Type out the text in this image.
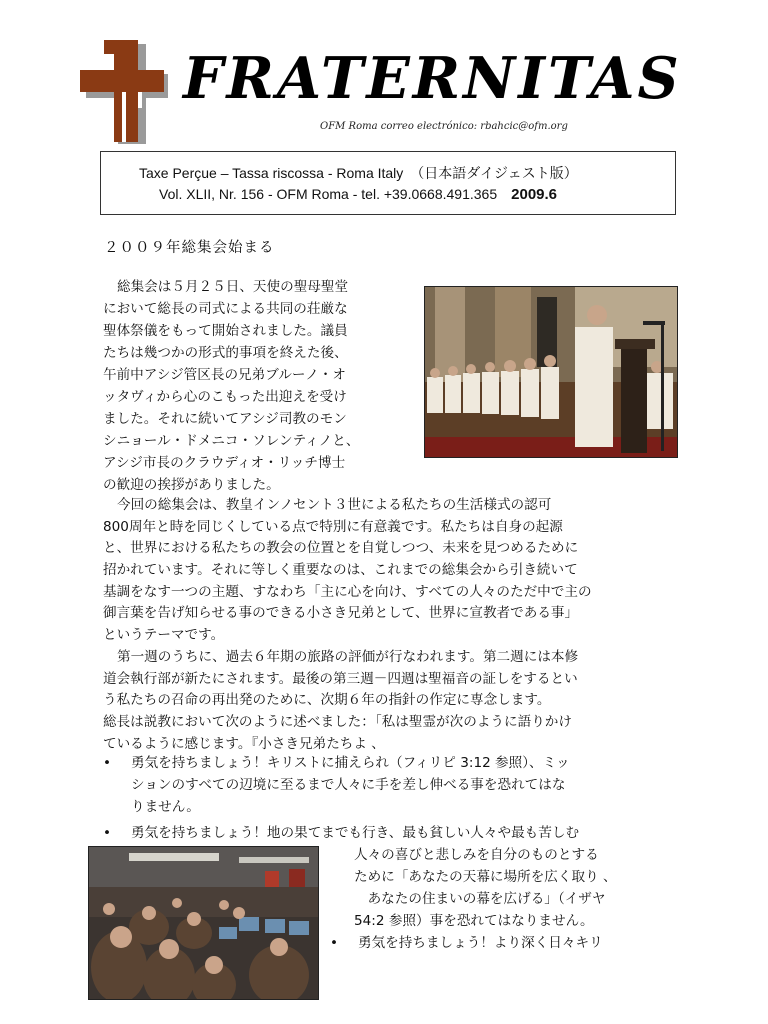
FRATERNITAS
OFM Roma correo electrónico: rbahcic@ofm.org
Taxe Perçue – Tassa riscossa - Roma Italy　（日本語ダイジェスト版）
Vol. XLII, Nr. 156 - OFM Roma - tel. +39.0668.491.365 2009.6
２００９年総集会始まる
総集会は５月２５日、天使の聖母聖堂
において総長の司式による共同の荘厳な
聖体祭儀をもって開始されました。議員
たちは幾つかの形式的事項を終えた後、
午前中アシジ管区長の兄弟ブルーノ・オ
ッタヴィから心のこもった出迎えを受け
ました。それに続いてアシジ司教のモン
シニョール・ドメニコ・ソレンティノと、
アシジ市長のクラウディオ・リッチ博士
の歓迎の挨拶がありました。
今回の総集会は、教皇インノセント３世による私たちの生活様式の認可
800周年と時を同じくしている点で特別に有意義です。私たちは自身の起源
と、世界における私たちの教会の位置とを自覚しつつ、未来を見つめるために
招かれています。それに等しく重要なのは、これまでの総集会から引き続いて
基調をなす一つの主題、すなわち「主に心を向け、すべての人々のただ中で主の
御言葉を告げ知らせる事のできる小さき兄弟として、世界に宣教者である事」
というテーマです。
第一週のうちに、過去６年期の旅路の評価が行なわれます。第二週には本修
道会執行部が新たにされます。最後の第三週－四週は聖福音の証しをするとい
う私たちの召命の再出発のために、次期６年の指針の作定に専念します。
総長は説教において次のように述べました：「私は聖霊が次のように語りかけ
ているように感じます。『小さき兄弟たちよ 、
• 勇気を持ちましょう！キリストに捕えられ（フィリピ 3:12 参照）、ミッ
ションのすべての辺境に至るまで人々に手を差し伸べる事を恐れてはな
りません。
• 勇気を持ちましょう！地の果てまでも行き、最も貧しい人々や最も苦しむ
人々の喜びと悲しみを自分のものとする
ために「あなたの天幕に場所を広く取り 、
　あなたの住まいの幕を広げる」（イザヤ
54:2 参照）事を恐れてはなりません。
• 勇気を持ちましょう！より深く日々キリ
